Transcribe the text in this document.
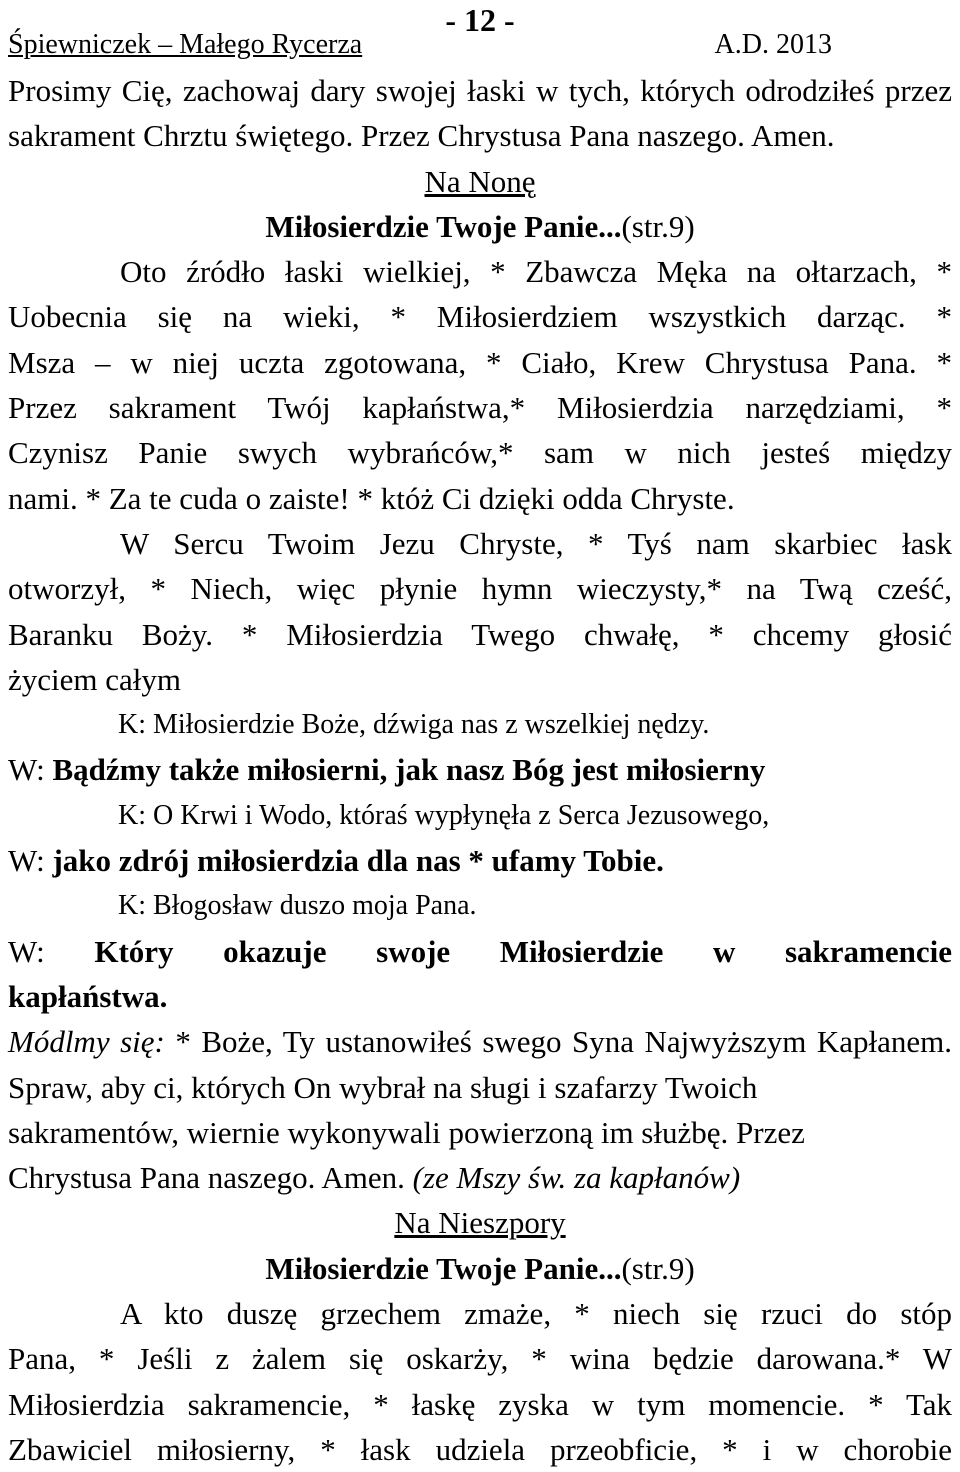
- 12 -
Śpiewniczek – Małego Rycerza	A.D. 2013

Prosimy Cię, zachowaj dary swojej łaski w tych, których odrodziłeś przez sakrament Chrztu świętego. Przez Chrystusa Pana naszego. Amen.

Na Nonę

Miłosierdzie Twoje Panie...(str.9)

Oto źródło łaski wielkiej, * Zbawcza Męka na ołtarzach, *

Uobecnia się na wieki, * Miłosierdziem wszystkich darząc. *

Msza – w niej uczta zgotowana, * Ciało, Krew Chrystusa Pana. *

Przez sakrament Twój kapłaństwa,* Miłosierdzia narzędziami, *

Czynisz Panie swych wybrańców,* sam w nich jesteś między

nami. * Za te cuda o zaiste! * któż Ci dzięki odda Chryste.

W Sercu Twoim Jezu Chryste, * Tyś nam skarbiec łask

otworzył, * Niech, więc płynie hymn wieczysty,* na Twą cześć,

Baranku Boży. * Miłosierdzia Twego chwałę, * chcemy głosić

życiem całym

K: Miłosierdzie Boże, dźwiga nas z wszelkiej nędzy.

W: Bądźmy także miłosierni, jak nasz Bóg jest miłosierny

K: O Krwi i Wodo, któraś wypłynęła z Serca Jezusowego,

W: jako zdrój miłosierdzia dla nas * ufamy Tobie.

K: Błogosław duszo moja Pana.

W: Który okazuje swoje Miłosierdzie w sakramencie

kapłaństwa.

Módlmy się: * Boże, Ty ustanowiłeś swego Syna Najwyższym Kapłanem.

Spraw, aby ci, których On wybrał na sługi i szafarzy Twoich

sakramentów, wiernie wykonywali powierzoną im służbę. Przez

Chrystusa Pana naszego. Amen. (ze Mszy św. za kapłanów)

Na Nieszpory

Miłosierdzie Twoje Panie...(str.9)

A kto duszę grzechem zmaże, * niech się rzuci do stóp

Pana, * Jeśli z żalem się oskarży, * wina będzie darowana.* W

Miłosierdzia sakramencie, * łaskę zyska w tym momencie. * Tak

Zbawiciel miłosierny, * łask udziela przeobficie, * i w chorobie
